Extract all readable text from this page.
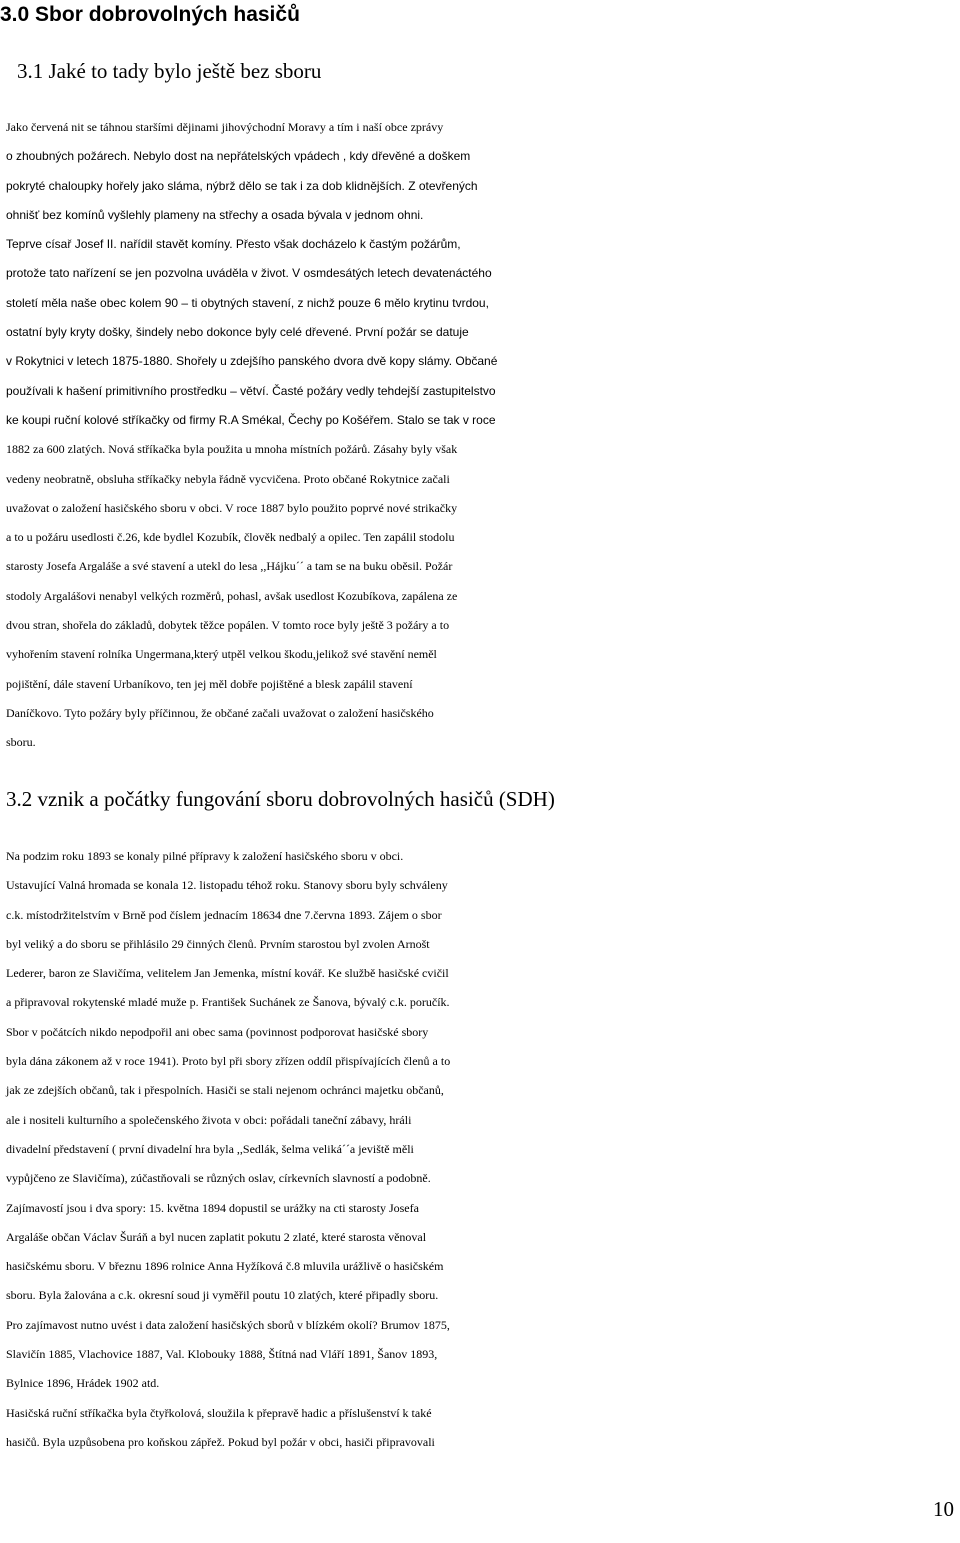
3.0 Sbor dobrovolných hasičů
3.1 Jaké to tady bylo ještě bez sboru
Jako červená nit se táhnou staršími dějinami jihovýchodní Moravy a tím i naší obce zprávy
o zhoubných požárech. Nebylo dost na nepřátelských vpádech , kdy dřevěné a doškem
pokryté chaloupky hořely jako sláma, nýbrž dělo se tak i za dob klidnějších. Z otevřených
ohnišť bez komínů vyšlehly plameny na střechy a osada bývala v jednom ohni.
Teprve císař Josef II. nařídil stavět komíny. Přesto však docházelo k častým požárům,
protože tato nařízení se jen pozvolna uváděla v život. V osmdesátých letech devatenáctého
století měla naše obec kolem 90 – ti obytných stavení, z nichž pouze 6 mělo krytinu tvrdou,
ostatní byly kryty došky, šindely nebo dokonce byly celé dřevené. První požár se datuje
v Rokytnici v letech 1875-1880. Shořely u zdejšího panského dvora dvě kopy slámy. Občané
používali k hašení primitivního prostředku – větví. Časté požáry vedly tehdejší zastupitelstvo
ke koupi ruční kolové stříkačky od firmy R.A Smékal, Čechy po Košéřem. Stalo se tak v roce
1882 za 600 zlatých. Nová stříkačka byla použita u mnoha místních požárů. Zásahy byly však
vedeny neobratně, obsluha stříkačky nebyla řádně vycvičena. Proto občané Rokytnice začali
uvažovat o založení hasičského sboru v obci. V roce 1887 bylo použito poprvé nové strikačky
a to u požáru usedlosti č.26, kde bydlel Kozubík, člověk nedbalý a opilec. Ten zapálil stodolu
starosty Josefa Argaláše a své stavení a utekl do lesa ,,Hájku´´ a tam se na buku oběsil. Požár
stodoly Argalášovi nenabyl velkých rozměrů, pohasl, avšak usedlost Kozubíkova, zapálena ze
dvou stran, shořela do základů, dobytek těžce popálen. V tomto roce byly ještě 3 požáry a to
vyhořením stavení rolníka Ungermana,který utpěl velkou škodu,jelikož své stavění neměl
pojištění, dále stavení Urbaníkovo, ten jej měl dobře pojištěné a blesk zapálil stavení
Daníčkovo. Tyto požáry byly příčinnou, že občané začali uvažovat o založení hasičského
sboru.
3.2 vznik a počátky fungování sboru dobrovolných hasičů (SDH)
Na podzim roku 1893 se konaly pilné přípravy k založení hasičského sboru v obci.
Ustavující Valná hromada se konala 12. listopadu téhož roku. Stanovy sboru byly schváleny
c.k. místodržitelstvím v Brně pod číslem jednacím 18634 dne 7.června 1893. Zájem o sbor
byl veliký a do sboru se přihlásilo 29 činných členů. Prvním starostou byl zvolen Arnošt
Lederer, baron ze Slavičíma, velitelem Jan Jemenka, místní kovář. Ke službě hasičské cvičil
a připravoval rokytenské mladé muže p. František Suchánek ze Šanova, bývalý c.k. poručík.
Sbor v počátcích nikdo nepodpořil ani obec sama (povinnost podporovat hasičské sbory
byla dána zákonem až v roce 1941). Proto byl při sbory zřízen oddíl přispívajících členů a to
jak ze zdejších občanů, tak i přespolních. Hasiči se stali nejenom ochránci majetku občanů,
ale i nositeli kulturního a společenského života v obci: pořádali taneční zábavy, hráli
divadelní představení ( první divadelní hra byla ,,Sedlák, šelma veliká´´a jeviště měli
vypůjčeno ze Slavičíma), zúčastňovali se různých oslav, církevních slavností a podobně.
Zajímavostí jsou i dva spory: 15. května 1894 dopustil se urážky na cti starosty Josefa
Argaláše občan Václav Šuráň a byl nucen zaplatit pokutu 2 zlaté, které starosta věnoval
hasičskému sboru. V březnu 1896 rolnice Anna Hyžíková č.8 mluvila urážlivě o hasičském
sboru. Byla žalována a c.k. okresní soud ji vyměřil poutu 10 zlatých, které připadly sboru.
Pro zajímavost nutno uvést i data založení hasičských sborů v blízkém okolí? Brumov 1875,
Slavičín 1885, Vlachovice 1887, Val. Klobouky 1888, Štítná nad Vláří 1891, Šanov 1893,
Bylnice 1896, Hrádek 1902 atd.
Hasičská ruční stříkačka byla čtyřkolová, sloužila k přepravě hadic a příslušenství k také
hasičů. Byla uzpůsobena pro koňskou zápřež. Pokud byl požár v obci, hasiči připravovali
10
